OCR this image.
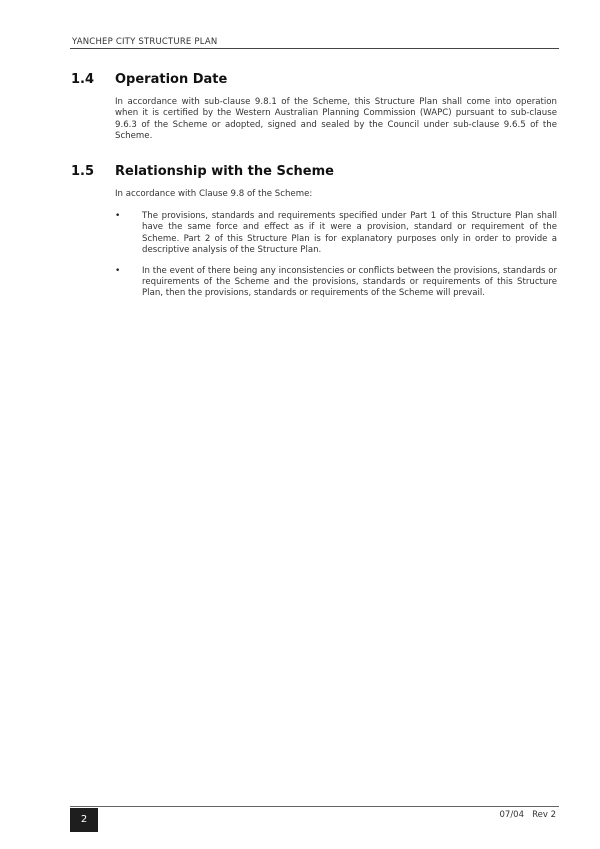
YANCHEP CITY STRUCTURE PLAN
1.4 Operation Date

In accordance with sub-clause 9.8.1 of the Scheme, this Structure Plan shall come into operation when it is certified by the Western Australian Planning Commission (WAPC) pursuant to sub-clause 9.6.3 of the Scheme or adopted, signed and sealed by the Council under sub-clause 9.6.5 of the Scheme.

1.5 Relationship with the Scheme

In accordance with Clause 9.8 of the Scheme:

•	The provisions, standards and requirements specified under Part 1 of this Structure Plan shall have the same force and effect as if it were a provision, standard or requirement of the Scheme. Part 2 of this Structure Plan is for explanatory purposes only in order to provide a descriptive analysis of the Structure Plan.
•	In the event of there being any inconsistencies or conflicts between the provisions, standards or requirements of the Scheme and the provisions, standards or requirements of this Structure Plan, then the provisions, standards or requirements of the Scheme will prevail.
2	07/04   Rev 2
